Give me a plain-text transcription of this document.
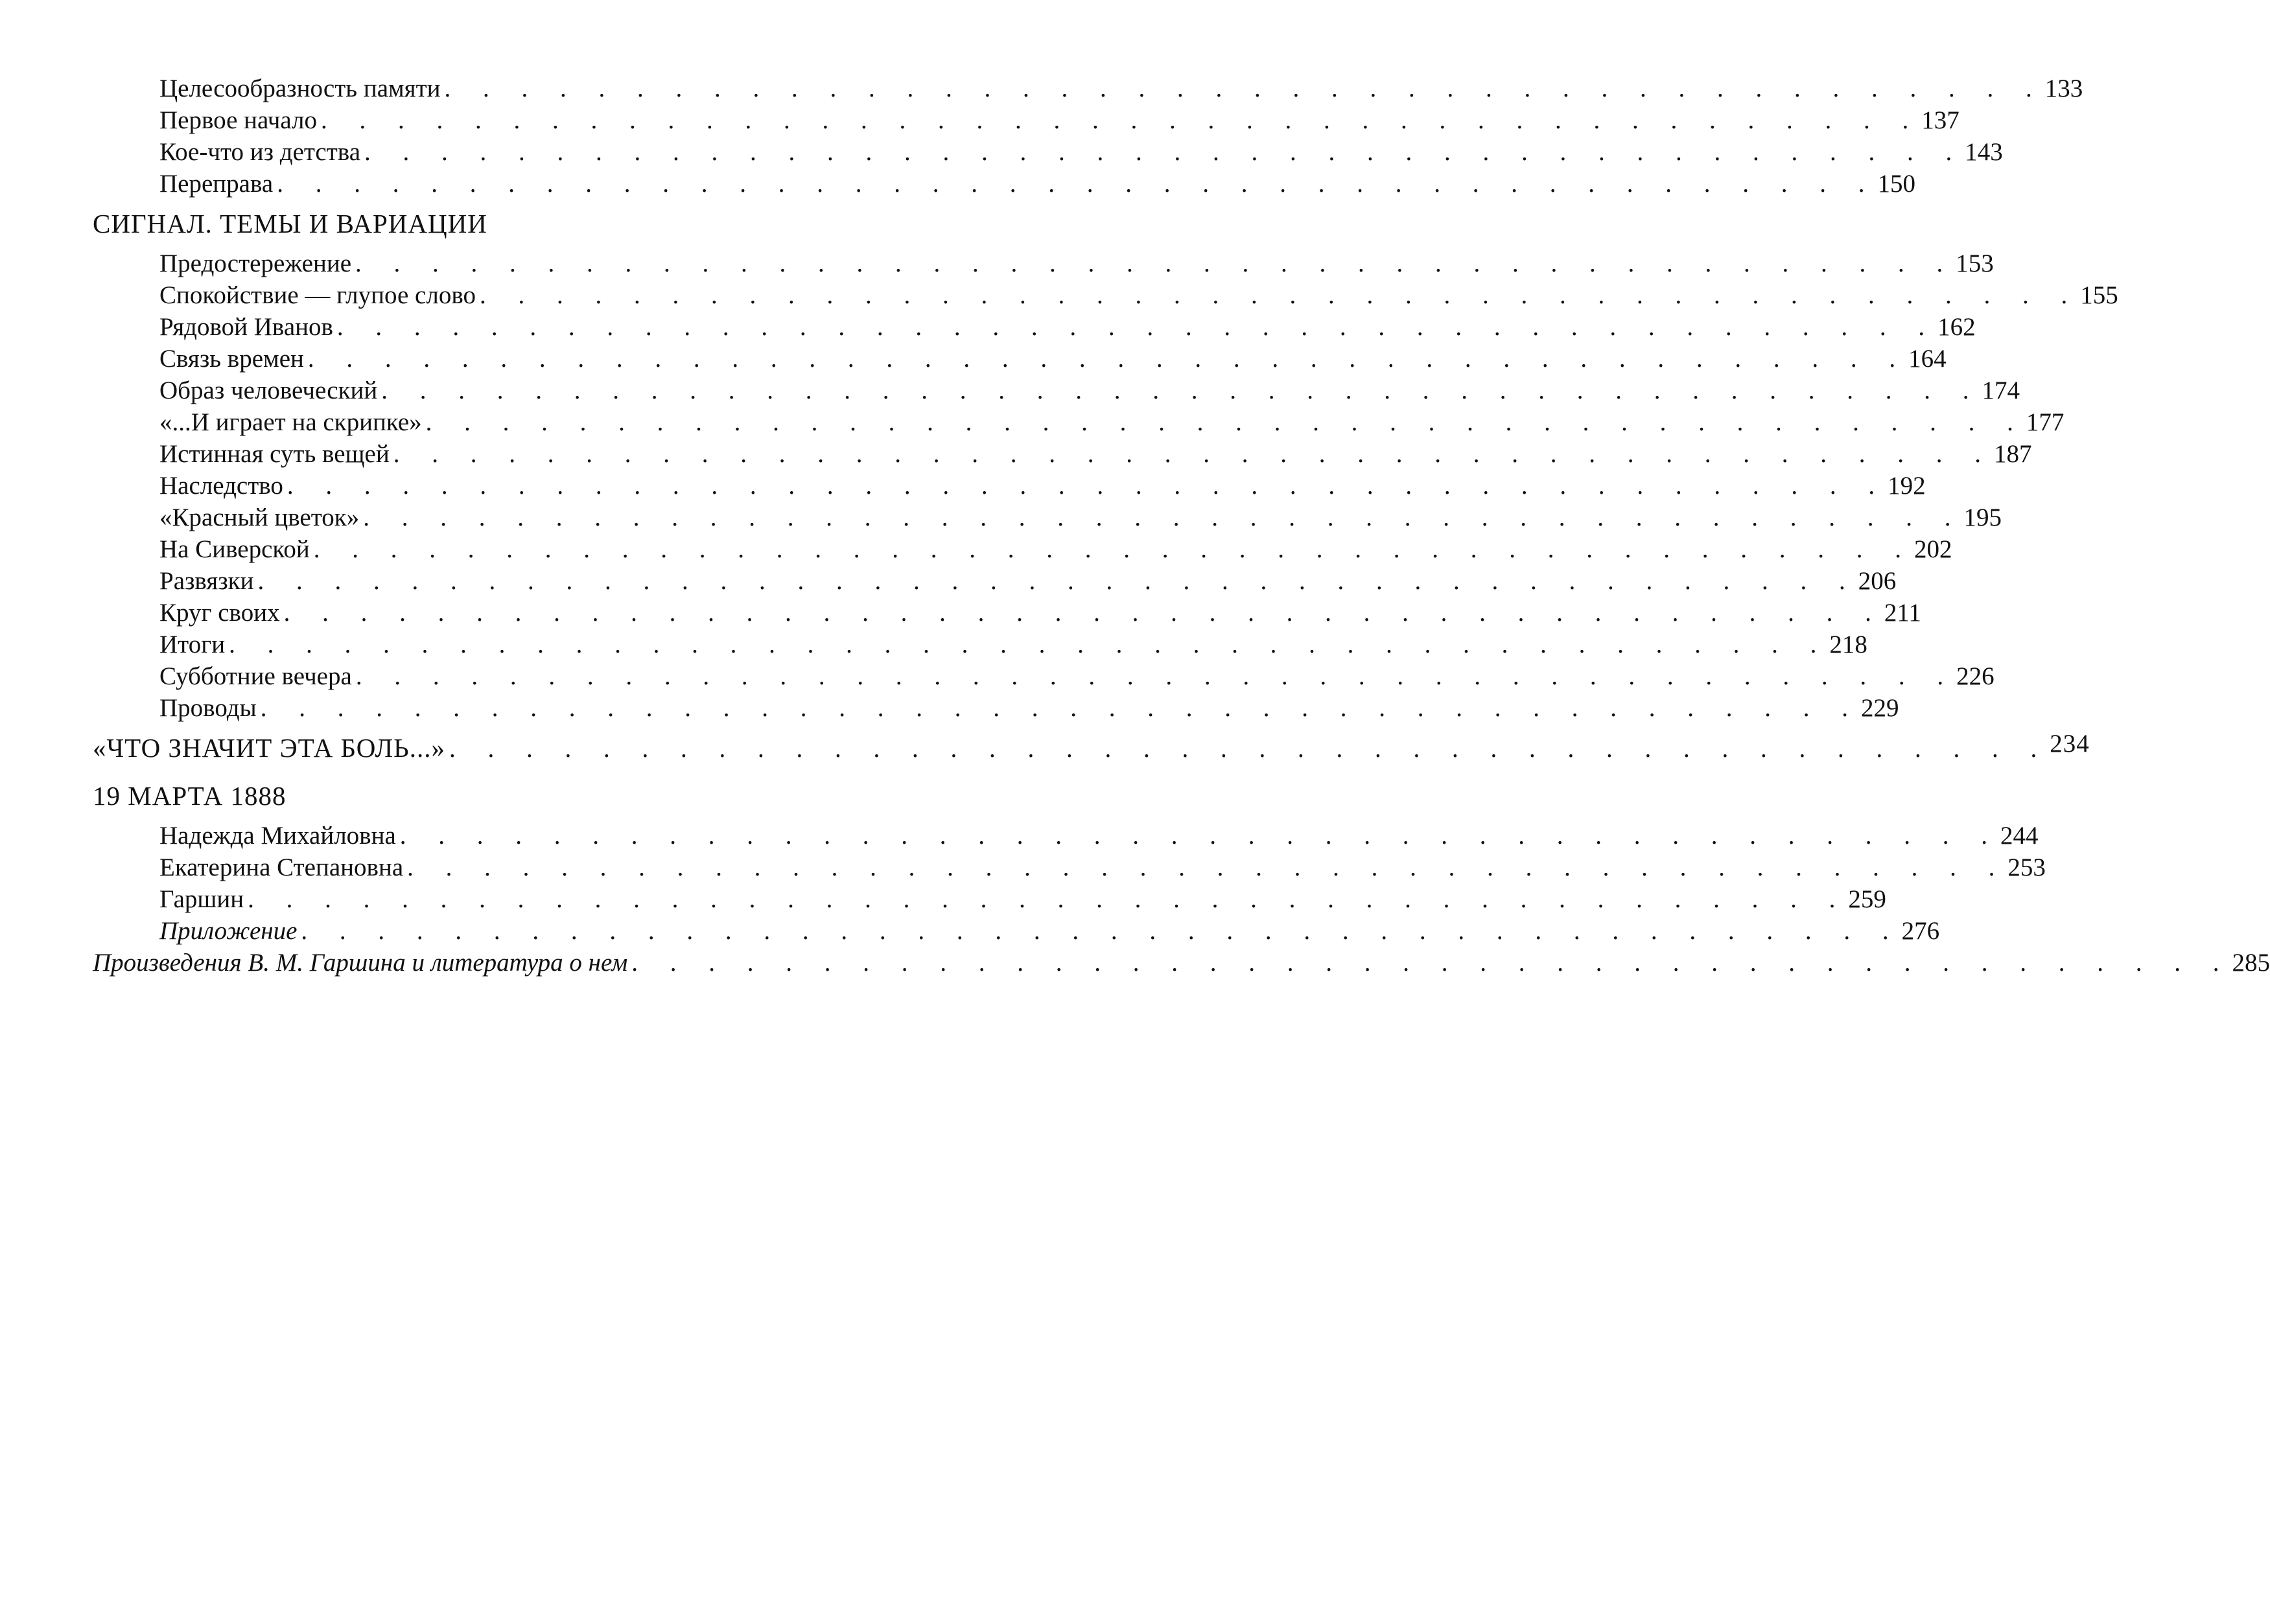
Целесообразность памяти . . . . . . . . . . . . . . . . . . . . . . . . . . . . . . . . . . . . . . . . . . 133
Первое начало . . . . . . . . . . . . . . . . . . . . . . . . . . . . . . . . . . . . . . . . . . 137
Кое-что из детства . . . . . . . . . . . . . . . . . . . . . . . . . . . . . . . . . . . . . . . . . . 143
Переправа . . . . . . . . . . . . . . . . . . . . . . . . . . . . . . . . . . . . . . . . . . 150
СИГНАЛ. ТЕМЫ И ВАРИАЦИИ
Предостережение . . . . . . . . . . . . . . . . . . . . . . . . . . . . . . . . . . . . . . . . . . 153
Спокойствие — глупое слово . . . . . . . . . . . . . . . . . . . . . . . . . . . . . . . . . . . . . . . . . . 155
Рядовой Иванов . . . . . . . . . . . . . . . . . . . . . . . . . . . . . . . . . . . . . . . . . . 162
Связь времен . . . . . . . . . . . . . . . . . . . . . . . . . . . . . . . . . . . . . . . . . . 164
Образ человеческий . . . . . . . . . . . . . . . . . . . . . . . . . . . . . . . . . . . . . . . . . . 174
«...И играет на скрипке» . . . . . . . . . . . . . . . . . . . . . . . . . . . . . . . . . . . . . . . . . . 177
Истинная суть вещей . . . . . . . . . . . . . . . . . . . . . . . . . . . . . . . . . . . . . . . . . . 187
Наследство . . . . . . . . . . . . . . . . . . . . . . . . . . . . . . . . . . . . . . . . . . 192
«Красный цветок» . . . . . . . . . . . . . . . . . . . . . . . . . . . . . . . . . . . . . . . . . . 195
На Сиверской . . . . . . . . . . . . . . . . . . . . . . . . . . . . . . . . . . . . . . . . . . 202
Развязки . . . . . . . . . . . . . . . . . . . . . . . . . . . . . . . . . . . . . . . . . . 206
Круг своих . . . . . . . . . . . . . . . . . . . . . . . . . . . . . . . . . . . . . . . . . . 211
Итоги . . . . . . . . . . . . . . . . . . . . . . . . . . . . . . . . . . . . . . . . . . 218
Субботние вечера . . . . . . . . . . . . . . . . . . . . . . . . . . . . . . . . . . . . . . . . . . 226
Проводы . . . . . . . . . . . . . . . . . . . . . . . . . . . . . . . . . . . . . . . . . . 229
«ЧТО ЗНАЧИТ ЭТА БОЛЬ...» . . . . . . . . . . . . . . . . . . . . . . . . . . . . . . . . . . . . . . . . . . 234
19 МАРТА 1888
Надежда Михайловна . . . . . . . . . . . . . . . . . . . . . . . . . . . . . . . . . . . . . . . . . . 244
Екатерина Степановна . . . . . . . . . . . . . . . . . . . . . . . . . . . . . . . . . . . . . . . . . . 253
Гаршин . . . . . . . . . . . . . . . . . . . . . . . . . . . . . . . . . . . . . . . . . . 259
Приложение . . . . . . . . . . . . . . . . . . . . . . . . . . . . . . . . . . . . . . . . . . 276
Произведения В. М. Гаршина и литература о нем . . . . . . . . . . . . . . . . . . . . . . . . . . . . . . . . . . . . . . . . . . 285
